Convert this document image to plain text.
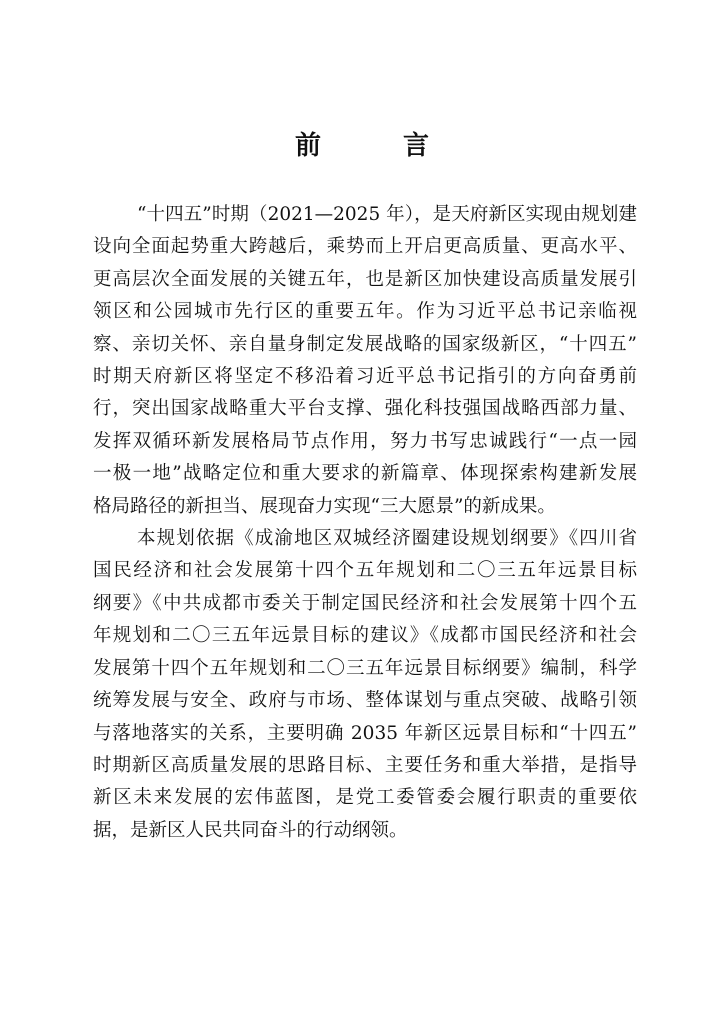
前　言
“十四五”时期（2021—2025 年），是天府新区实现由规划建
设向全面起势重大跨越后，乘势而上开启更高质量、更高水平、
更高层次全面发展的关键五年，也是新区加快建设高质量发展引
领区和公园城市先行区的重要五年。作为习近平总书记亲临视
察、亲切关怀、亲自量身制定发展战略的国家级新区，“十四五”
时期天府新区将坚定不移沿着习近平总书记指引的方向奋勇前
行，突出国家战略重大平台支撑、强化科技强国战略西部力量、
发挥双循环新发展格局节点作用，努力书写忠诚践行“一点一园
一极一地”战略定位和重大要求的新篇章、体现探索构建新发展
格局路径的新担当、展现奋力实现“三大愿景”的新成果。
本规划依据《成渝地区双城经济圈建设规划纲要》《四川省
国民经济和社会发展第十四个五年规划和二〇三五年远景目标
纲要》《中共成都市委关于制定国民经济和社会发展第十四个五
年规划和二〇三五年远景目标的建议》《成都市国民经济和社会
发展第十四个五年规划和二〇三五年远景目标纲要》编制，科学
统筹发展与安全、政府与市场、整体谋划与重点突破、战略引领
与落地落实的关系，主要明确 2035 年新区远景目标和“十四五”
时期新区高质量发展的思路目标、主要任务和重大举措，是指导
新区未来发展的宏伟蓝图，是党工委管委会履行职责的重要依
据，是新区人民共同奋斗的行动纲领。
